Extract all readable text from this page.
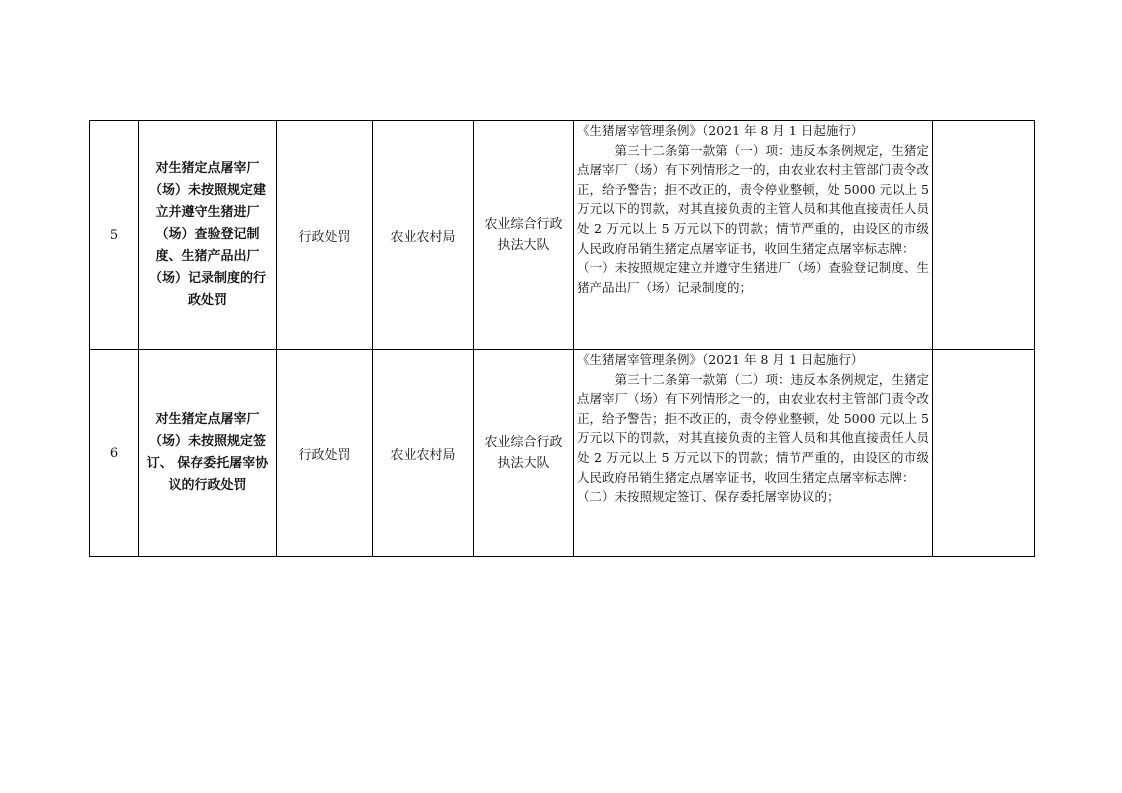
5	对生猪定点屠宰厂（场）未按照规定建立并遵守生猪进厂（场）查验登记制度、生猪产品出厂（场）记录制度的行政处罚	行政处罚	农业农村局	农业综合行政执法大队	《生猪屠宰管理条例》（2021 年 8 月 1 日起施行）
第三十二条第一款第（一）项：违反本条例规定，生猪定点屠宰厂（场）有下列情形之一的，由农业农村主管部门责令改正，给予警告；拒不改正的，责令停业整顿，处 5000 元以上 5 万元以下的罚款，对其直接负责的主管人员和其他直接责任人员处 2 万元以上 5 万元以下的罚款；情节严重的，由设区的市级人民政府吊销生猪定点屠宰证书，收回生猪定点屠宰标志牌：
（一）未按照规定建立并遵守生猪进厂（场）查验登记制度、生猪产品出厂（场）记录制度的；	

6	对生猪定点屠宰厂（场）未按照规定签订、 保存委托屠宰协议的行政处罚	行政处罚	农业农村局	农业综合行政执法大队	《生猪屠宰管理条例》（2021 年 8 月 1 日起施行）
第三十二条第一款第（二）项：违反本条例规定，生猪定点屠宰厂（场）有下列情形之一的，由农业农村主管部门责令改正，给予警告；拒不改正的，责令停业整顿，处 5000 元以上 5 万元以下的罚款，对其直接负责的主管人员和其他直接责任人员处 2 万元以上 5 万元以下的罚款；情节严重的，由设区的市级人民政府吊销生猪定点屠宰证书，收回生猪定点屠宰标志牌：
（二）未按照规定签订、保存委托屠宰协议的；	
